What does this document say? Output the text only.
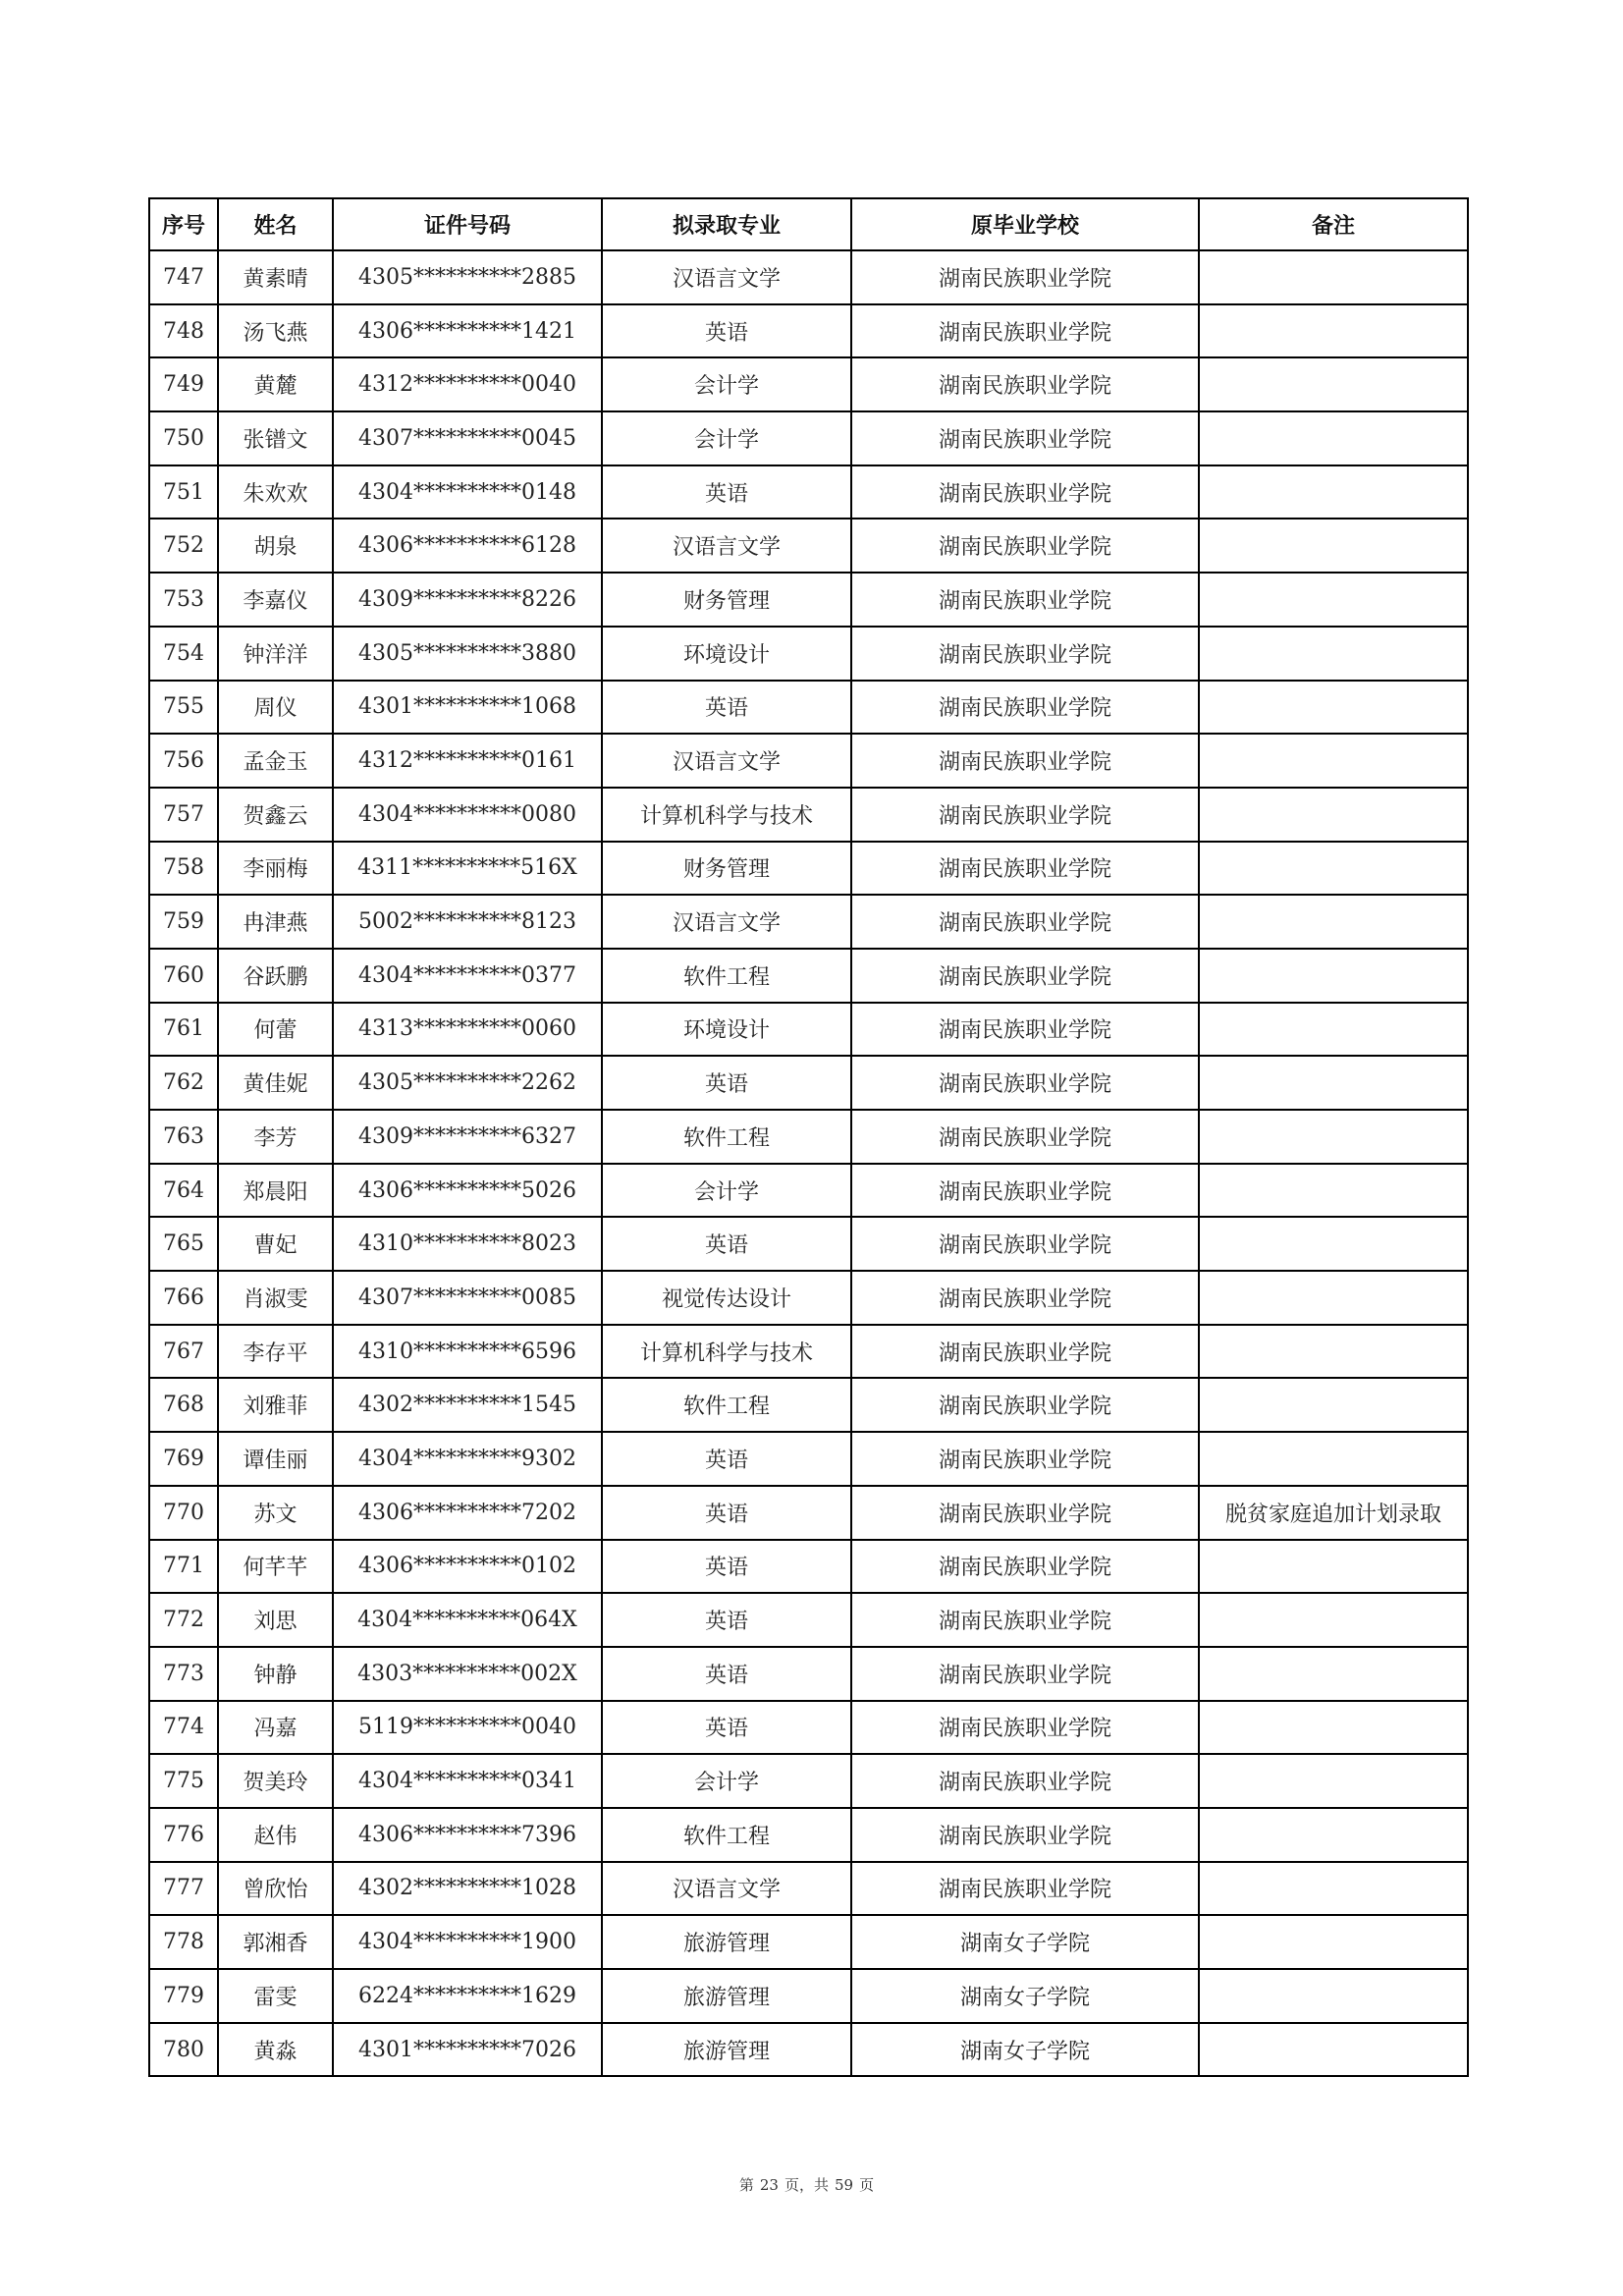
序号	姓名	证件号码	拟录取专业	原毕业学校	备注
747	黄素晴	4305**********2885	汉语言文学	湖南民族职业学院	
748	汤飞燕	4306**********1421	英语	湖南民族职业学院	
749	黄麓	4312**********0040	会计学	湖南民族职业学院	
750	张镨文	4307**********0045	会计学	湖南民族职业学院	
751	朱欢欢	4304**********0148	英语	湖南民族职业学院	
752	胡泉	4306**********6128	汉语言文学	湖南民族职业学院	
753	李嘉仪	4309**********8226	财务管理	湖南民族职业学院	
754	钟洋洋	4305**********3880	环境设计	湖南民族职业学院	
755	周仪	4301**********1068	英语	湖南民族职业学院	
756	孟金玉	4312**********0161	汉语言文学	湖南民族职业学院	
757	贺鑫云	4304**********0080	计算机科学与技术	湖南民族职业学院	
758	李丽梅	4311**********516X	财务管理	湖南民族职业学院	
759	冉津燕	5002**********8123	汉语言文学	湖南民族职业学院	
760	谷跃鹏	4304**********0377	软件工程	湖南民族职业学院	
761	何蕾	4313**********0060	环境设计	湖南民族职业学院	
762	黄佳妮	4305**********2262	英语	湖南民族职业学院	
763	李芳	4309**********6327	软件工程	湖南民族职业学院	
764	郑晨阳	4306**********5026	会计学	湖南民族职业学院	
765	曹妃	4310**********8023	英语	湖南民族职业学院	
766	肖淑雯	4307**********0085	视觉传达设计	湖南民族职业学院	
767	李存平	4310**********6596	计算机科学与技术	湖南民族职业学院	
768	刘雅菲	4302**********1545	软件工程	湖南民族职业学院	
769	谭佳丽	4304**********9302	英语	湖南民族职业学院	
770	苏文	4306**********7202	英语	湖南民族职业学院	脱贫家庭追加计划录取
771	何芊芊	4306**********0102	英语	湖南民族职业学院	
772	刘思	4304**********064X	英语	湖南民族职业学院	
773	钟静	4303**********002X	英语	湖南民族职业学院	
774	冯嘉	5119**********0040	英语	湖南民族职业学院	
775	贺美玲	4304**********0341	会计学	湖南民族职业学院	
776	赵伟	4306**********7396	软件工程	湖南民族职业学院	
777	曾欣怡	4302**********1028	汉语言文学	湖南民族职业学院	
778	郭湘香	4304**********1900	旅游管理	湖南女子学院	
779	雷雯	6224**********1629	旅游管理	湖南女子学院	
780	黄淼	4301**********7026	旅游管理	湖南女子学院	
第 23 页，共 59 页
